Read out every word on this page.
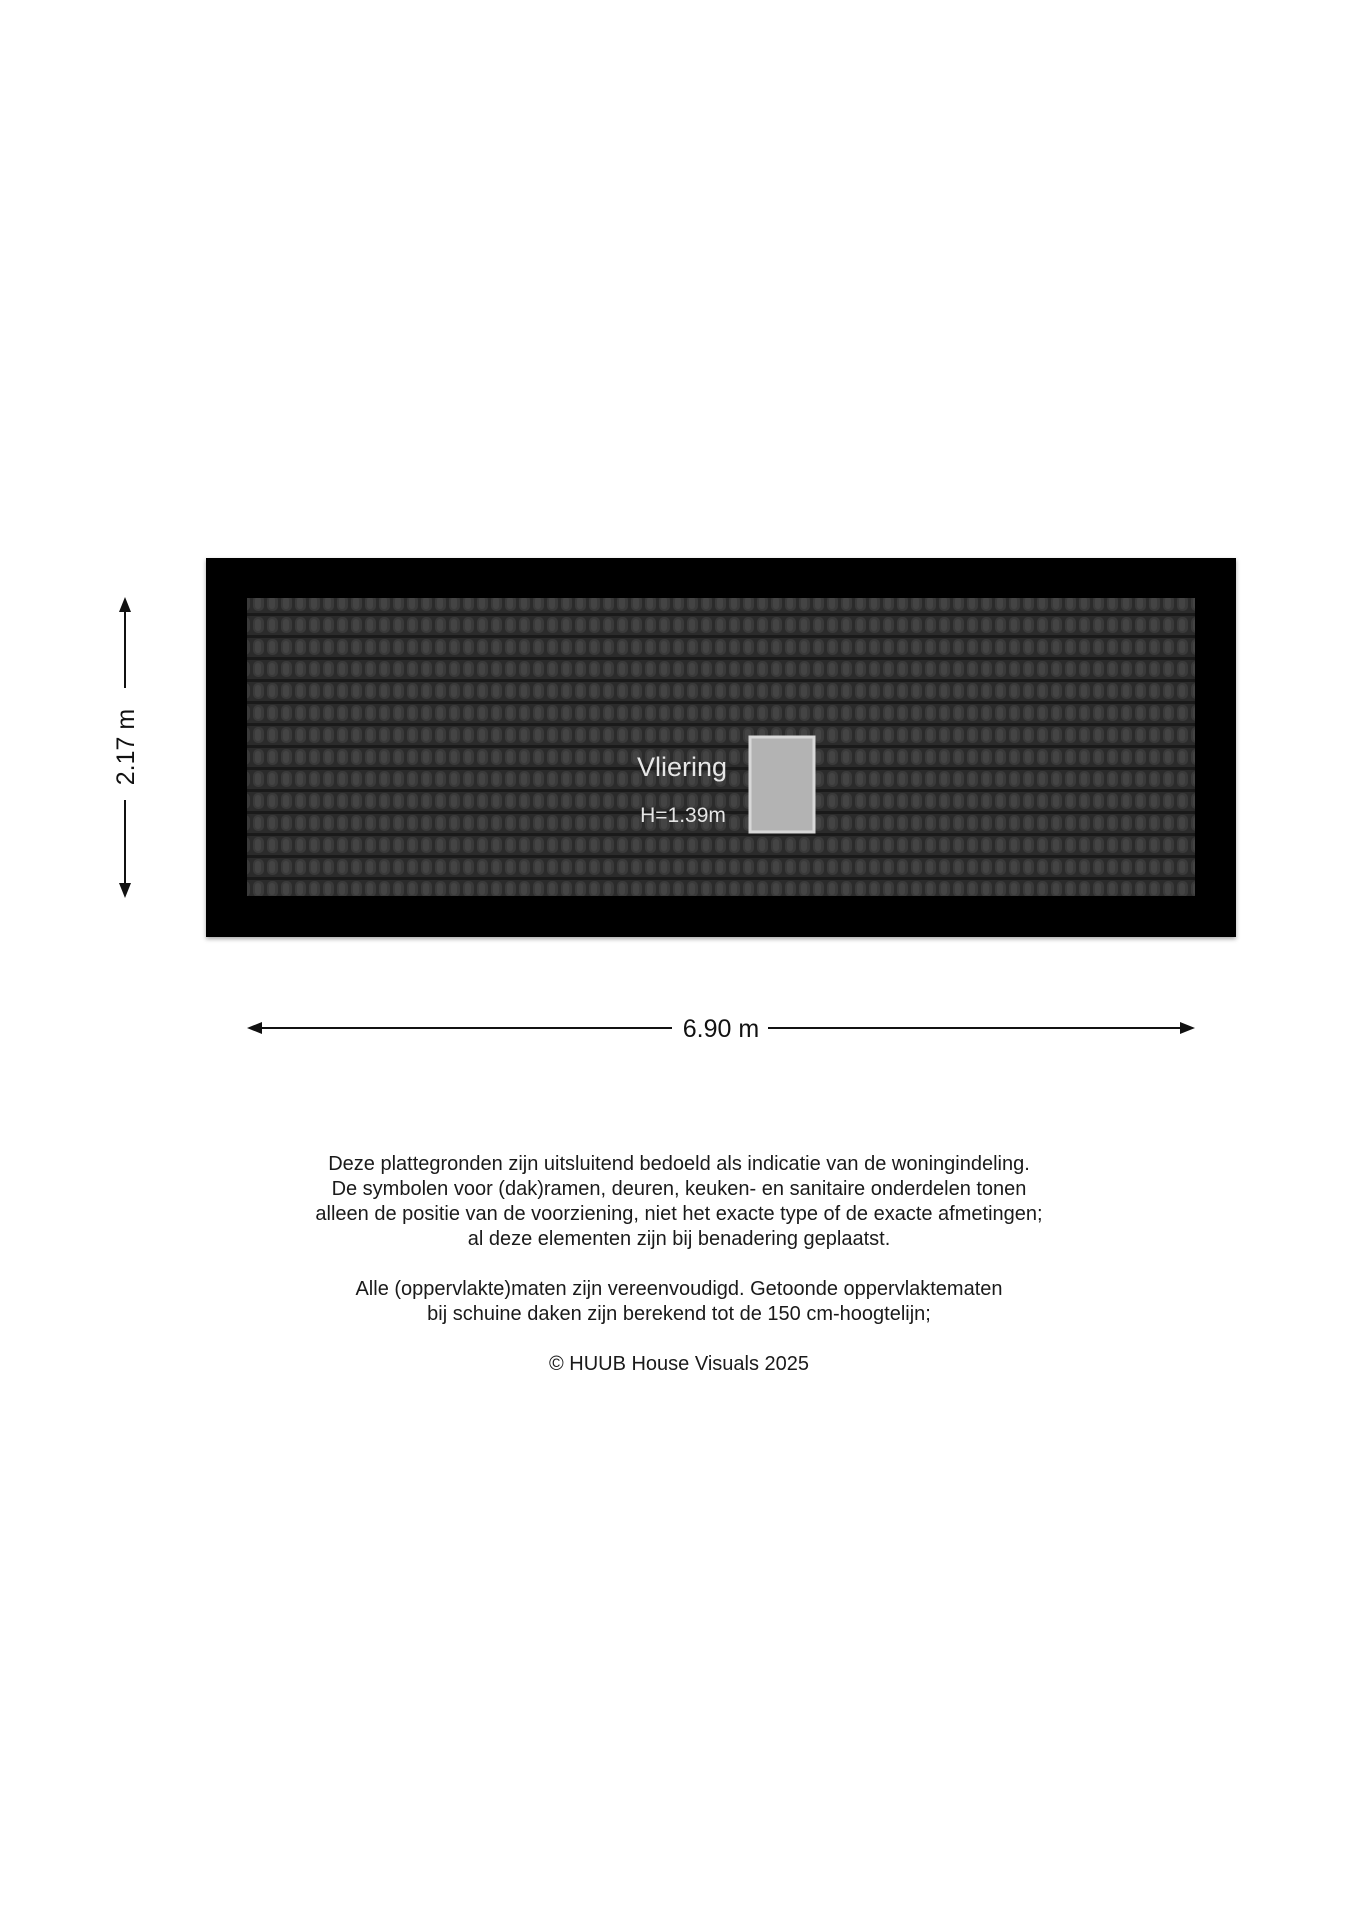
Vliering
H=1.39m
2.17 m
6.90 m

Deze plattegronden zijn uitsluitend bedoeld als indicatie van de woningindeling.
De symbolen voor (dak)ramen, deuren, keuken- en sanitaire onderdelen tonen
alleen de positie van de voorziening, niet het exacte type of de exacte afmetingen;
al deze elementen zijn bij benadering geplaatst.

Alle (oppervlakte)maten zijn vereenvoudigd. Getoonde oppervlaktematen
bij schuine daken zijn berekend tot de 150 cm-hoogtelijn;

© HUUB House Visuals 2025
